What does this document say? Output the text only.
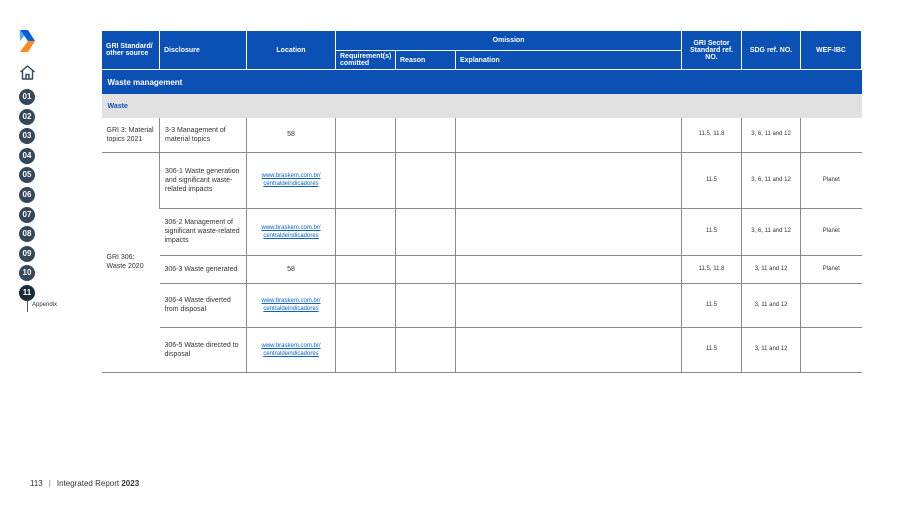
01
02
03
04
05
06
07
08
09
10
11
Appendix
GRI Standard/ other source	Disclosure	Location	Omission			GRI Sector Standard ref. NO.	SDG ref. NO.	WEF-IBC
			Requirement(s) comitted	Reason	Explanation			
Waste management								
Waste								
GRI 3: Material topics 2021	3-3 Management of material topics	58				11.5, 11.8	3, 6, 11 and 12	
GRI 306: Waste 2020	306-1 Waste generation and significant waste-related impacts	www.braskem.com.br/ centraldeindicadores				11.5	3, 6, 11 and 12	Planet
	306-2 Management of significant waste-related impacts	www.braskem.com.br/ centraldeindicadores				11.5	3, 6, 11 and 12	Planet
	306-3 Waste generated	58				11.5, 11.8	3, 11 and 12	Planet
	306-4 Waste diverted from disposal	www.braskem.com.br/ centraldeindicadores				11.5	3, 11 and 12	
	306-5 Waste directed to disposal	www.braskem.com.br/ centraldeindicadores				11.5	3, 11 and 12	
113 | Integrated Report 2023
